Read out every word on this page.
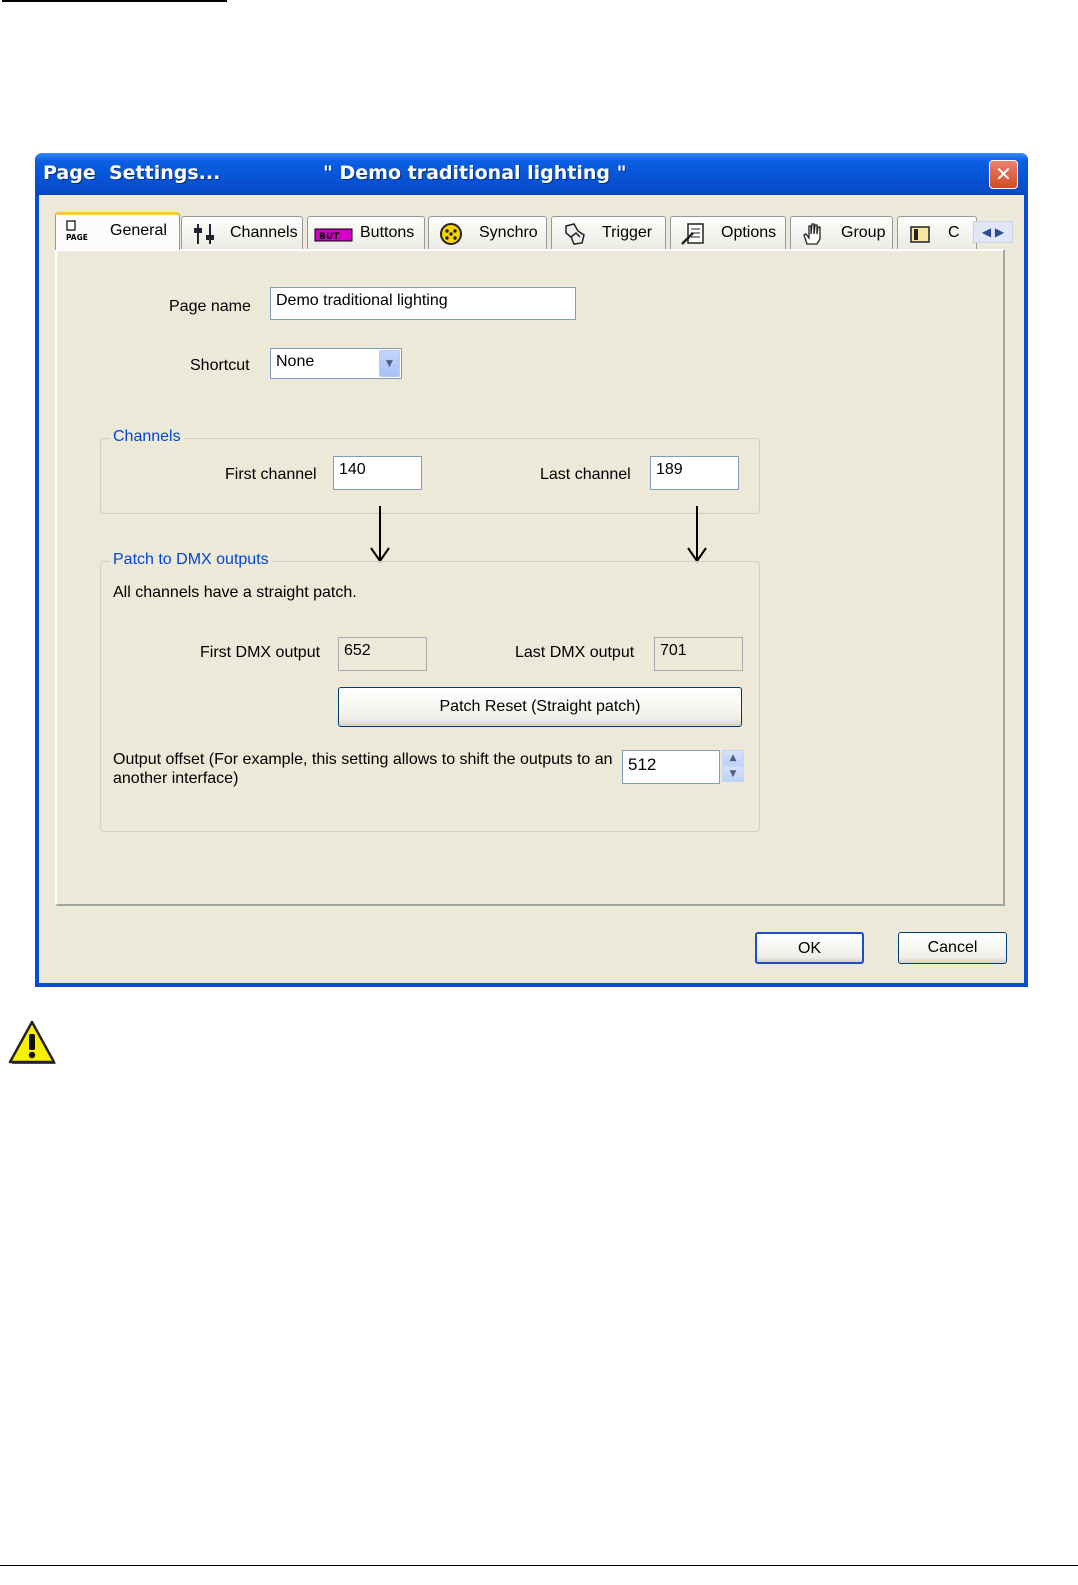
Page  Settings...	" Demo traditional lighting "	✕
PAGE General	Channels BUT Buttons	Synchro	Trigger	Options	Group	C	◀ ▶
Page name	Demo traditional lighting
Shortcut	None	▼
Channels
First channel	140	Last channel	189
Patch to DMX outputs
All channels have a straight patch.
First DMX output	652	Last DMX output	701
Patch Reset (Straight patch)
Output offset (For example, this setting allows to shift the outputs to an
another interface)
512	▲
▼
OK	Cancel
